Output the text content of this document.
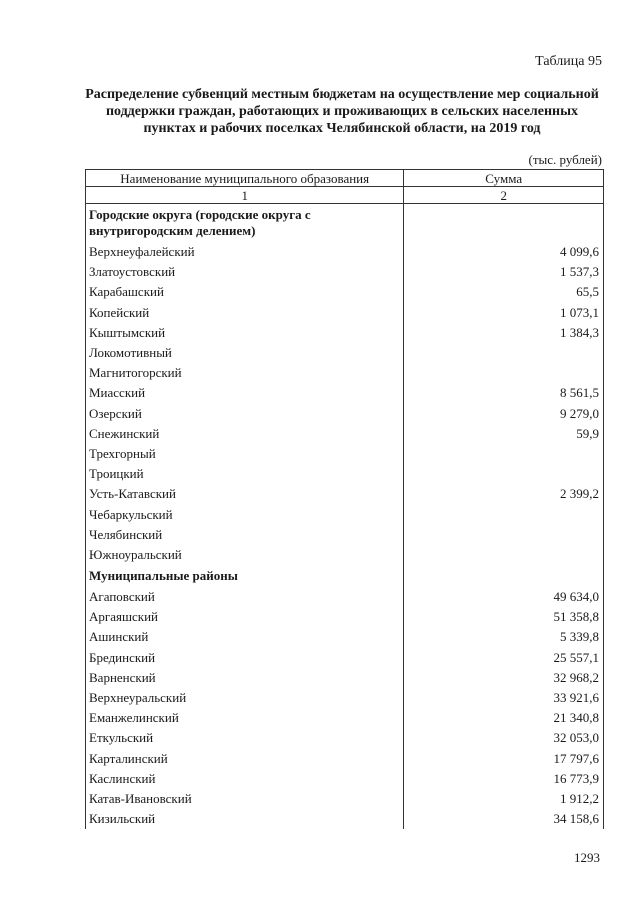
Таблица 95
Распределение субвенций местным бюджетам на осуществление мер социальной поддержки граждан, работающих и проживающих в сельских населенных пунктах и рабочих поселках Челябинской области, на 2019 год
(тыс. рублей)
Наименование муниципального образования	Сумма
1	2
Городские округа (городские округа с внутригородским делением)	
Верхнеуфалейский	4 099,6
Златоустовский	1 537,3
Карабашский	65,5
Копейский	1 073,1
Кыштымский	1 384,3
Локомотивный	
Магнитогорский	
Миасский	8 561,5
Озерский	9 279,0
Снежинский	59,9
Трехгорный	
Троицкий	
Усть-Катавский	2 399,2
Чебаркульский	
Челябинский	
Южноуральский	
Муниципальные районы	
Агаповский	49 634,0
Аргаяшский	51 358,8
Ашинский	5 339,8
Брединский	25 557,1
Варненский	32 968,2
Верхнеуральский	33 921,6
Еманжелинский	21 340,8
Еткульский	32 053,0
Карталинский	17 797,6
Каслинский	16 773,9
Катав-Ивановский	1 912,2
Кизильский	34 158,6
1293
